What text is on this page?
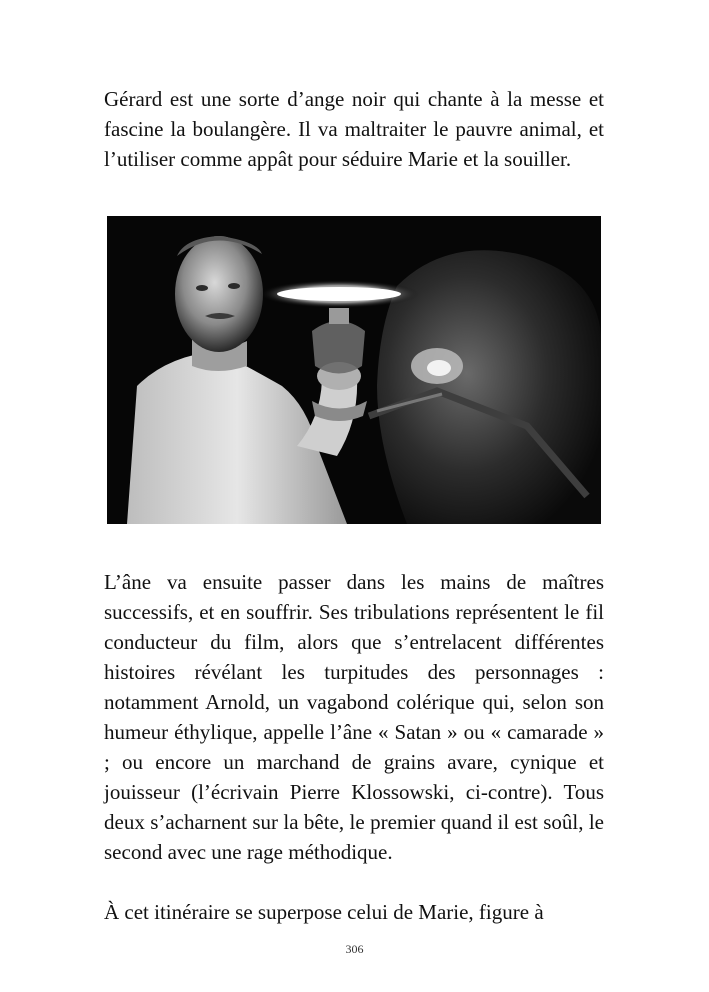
Gérard est une sorte d’ange noir qui chante à la messe et fascine la boulangère. Il va maltraiter le pauvre animal, et l’utiliser comme appât pour séduire Marie et la souiller.

L’âne va ensuite passer dans les mains de maîtres successifs, et en souffrir. Ses tribulations représentent le fil conducteur du film, alors que s’entrelacent différentes histoires révélant les turpitudes des personnages : notamment Arnold, un vagabond colérique qui, selon son humeur éthylique, appelle l’âne « Satan » ou « camarade » ; ou encore un marchand de grains avare, cynique et jouisseur (l’écrivain Pierre Klossowski, ci-contre). Tous deux s’acharnent sur la bête, le premier quand il est soûl, le second avec une rage méthodique.

À cet itinéraire se superpose celui de Marie, figure à

306
